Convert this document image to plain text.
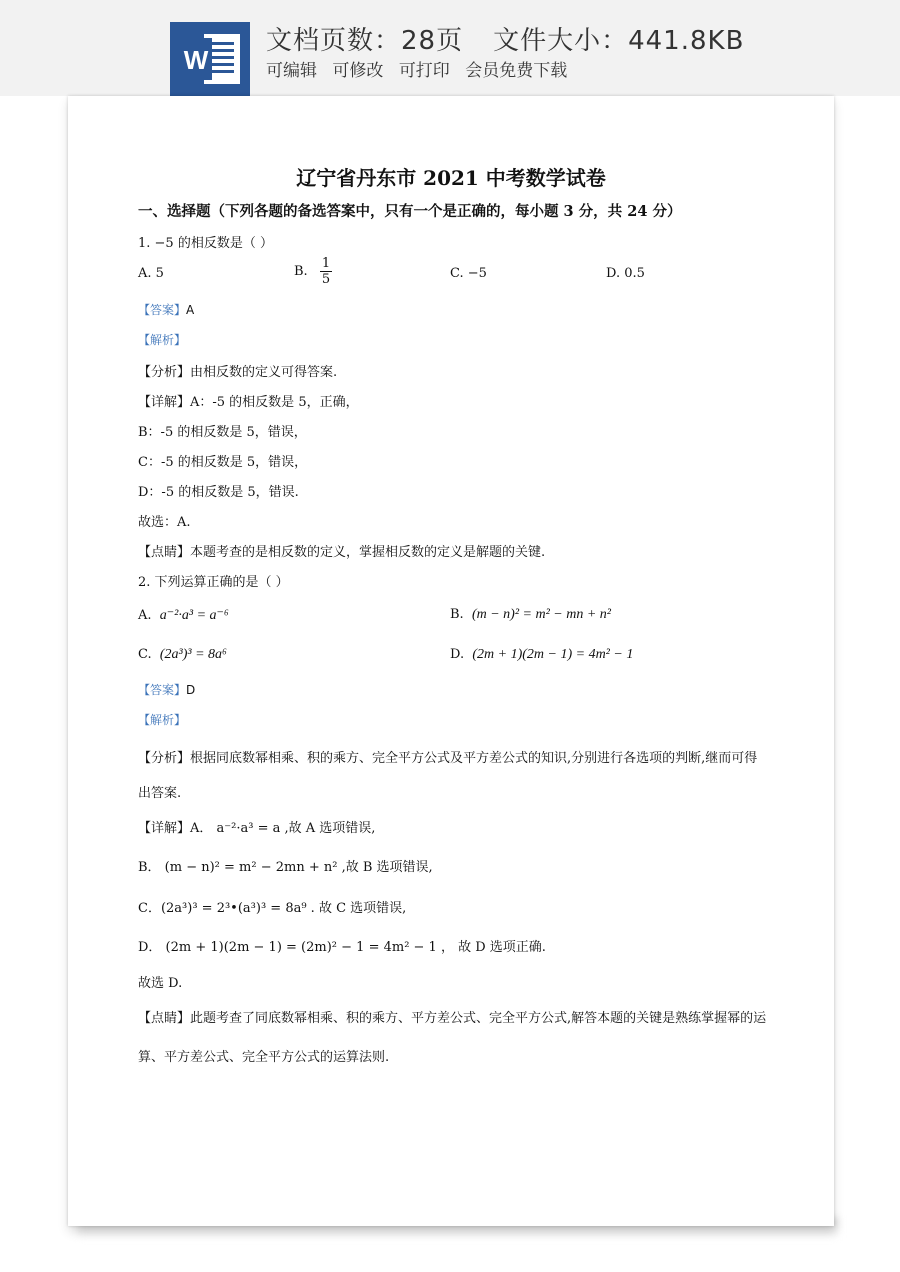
W
文档页数：28页 文件大小：441.8KB
可编辑 可修改 可打印 会员免费下载
辽宁省丹东市 2021 中考数学试卷
一、选择题（下列各题的备选答案中，只有一个是正确的，每小题 3 分，共 24 分）
1. −5 的相反数是（ ）
A. 5	B. $\frac{1}{5}$	C. −5	D. 0.5
【答案】A
【解析】
【分析】由相反数的定义可得答案.
【详解】A：-5 的相反数是 5，正确，
B：-5 的相反数是 5，错误，
C：-5 的相反数是 5，错误，
D：-5 的相反数是 5，错误.
故选：A.
【点睛】本题考查的是相反数的定义，掌握相反数的定义是解题的关键.
2. 下列运算正确的是（ ）
A. a⁻²·a³ = a⁻⁶	B. (m − n)² = m² − mn + n²
C. (2a³)³ = 8a⁶	D. (2m + 1)(2m − 1) = 4m² − 1
【答案】D
【解析】
【分析】根据同底数幂相乘、积的乘方、完全平方公式及平方差公式的知识,分别进行各选项的判断,继而可得
出答案.
【详解】A． a⁻²·a³ = a ,故 A 选项错误,
B． (m − n)² = m² − 2mn + n² ,故 B 选项错误,
C．(2a³)³ = 2³•(a³)³ = 8a⁹ . 故 C 选项错误,
D． (2m + 1)(2m − 1) = (2m)² − 1 = 4m² − 1 ， 故 D 选项正确.
故选 D.
【点睛】此题考查了同底数幂相乘、积的乘方、平方差公式、完全平方公式,解答本题的关键是熟练掌握幂的运
算、平方差公式、完全平方公式的运算法则.
